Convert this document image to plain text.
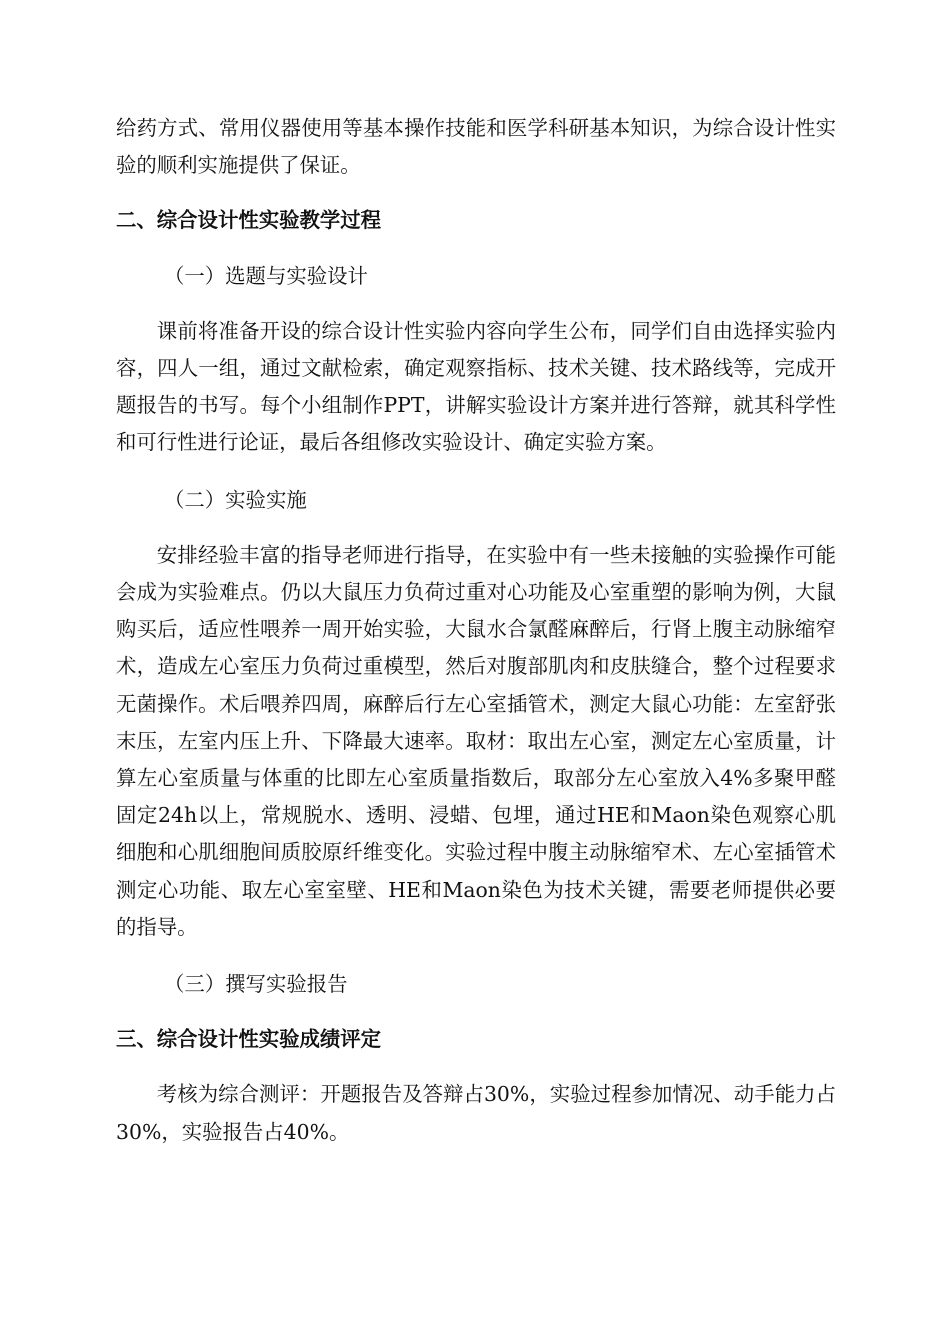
给药方式、常用仪器使用等基本操作技能和医学科研基本知识，为综合设计性实验的顺利实施提供了保证。

二、综合设计性实验教学过程

（一）选题与实验设计

课前将准备开设的综合设计性实验内容向学生公布，同学们自由选择实验内容，四人一组，通过文献检索，确定观察指标、技术关键、技术路线等，完成开题报告的书写。每个小组制作PPT，讲解实验设计方案并进行答辩，就其科学性和可行性进行论证，最后各组修改实验设计、确定实验方案。

（二）实验实施

安排经验丰富的指导老师进行指导，在实验中有一些未接触的实验操作可能会成为实验难点。仍以大鼠压力负荷过重对心功能及心室重塑的影响为例，大鼠购买后，适应性喂养一周开始实验，大鼠水合氯醛麻醉后，行肾上腹主动脉缩窄术，造成左心室压力负荷过重模型，然后对腹部肌肉和皮肤缝合，整个过程要求无菌操作。术后喂养四周，麻醉后行左心室插管术，测定大鼠心功能：左室舒张末压，左室内压上升、下降最大速率。取材：取出左心室，测定左心室质量，计算左心室质量与体重的比即左心室质量指数后，取部分左心室放入4%多聚甲醛固定24h以上，常规脱水、透明、浸蜡、包埋，通过HE和Maon染色观察心肌细胞和心肌细胞间质胶原纤维变化。实验过程中腹主动脉缩窄术、左心室插管术测定心功能、取左心室室壁、HE和Maon染色为技术关键，需要老师提供必要的指导。

（三）撰写实验报告

三、综合设计性实验成绩评定

考核为综合测评：开题报告及答辩占30%，实验过程参加情况、动手能力占30%，实验报告占40%。
